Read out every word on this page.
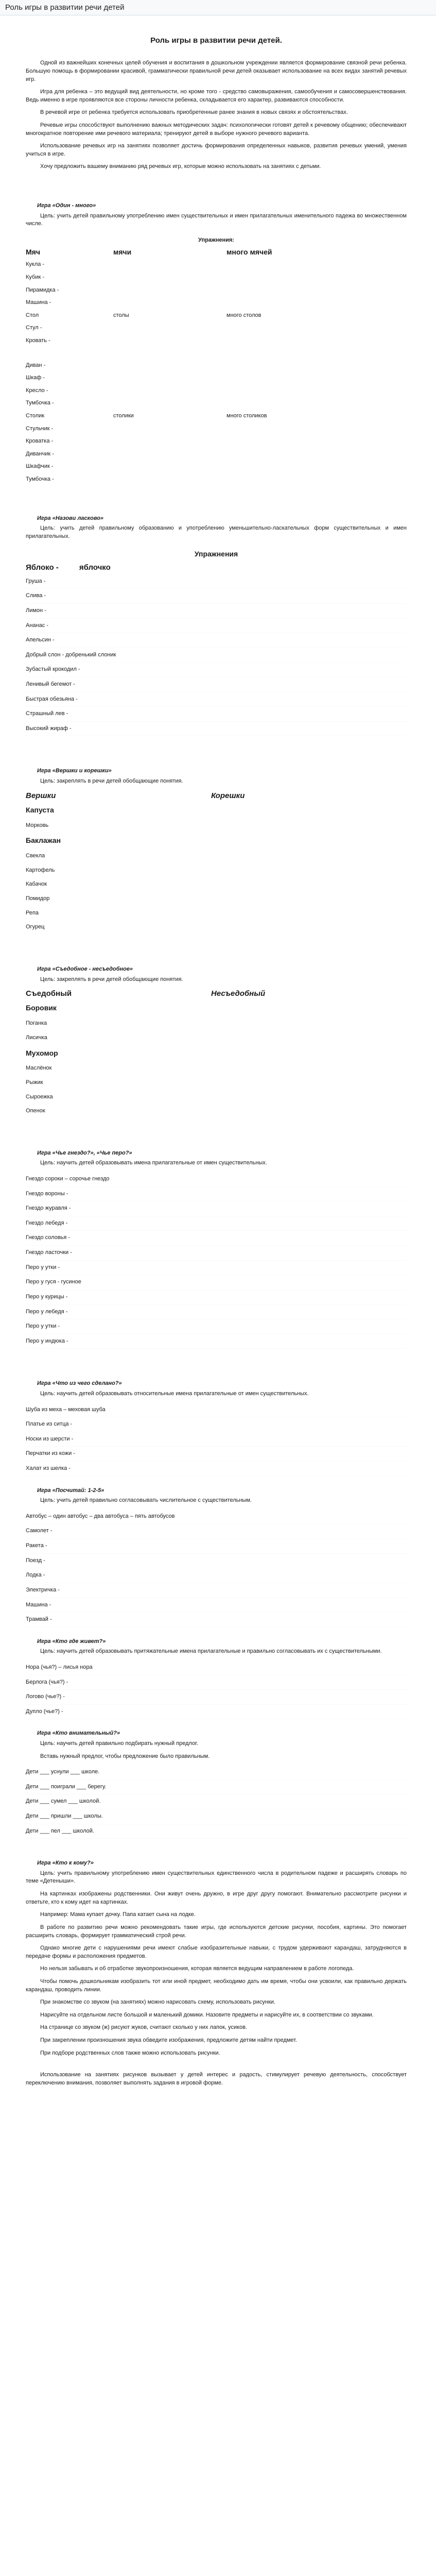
Роль игры в развитии речи детей
Роль игры в развитии речи детей.

Одной из важнейших конечных целей обучения и воспитания в дошкольном учреждении является формирование связной речи ребенка. Большую помощь в формировании красивой, грамматически правильной речи детей оказывает использование на всех видах занятий речевых игр.

Игра для ребенка – это ведущий вид деятельности, но кроме того - средство самовыражения, самообучения и самосовершенствования. Ведь именно в игре проявляются все стороны личности ребенка, складывается его характер, развиваются способности.

В речевой игре от ребенка требуется использовать приобретенные ранее знания в новых связях и обстоятельствах.

Речевые игры способствуют выполнению важных методических задач: психологически готовят детей к речевому общению; обеспечивают многократное повторение ими речевого материала; тренируют детей в выборе нужного речевого варианта.

Использование речевых игр на занятиях позволяет достичь формирования определенных навыков, развития речевых умений, умения учиться в игре.

Хочу предложить вашему вниманию ряд речевых игр, которые можно использовать на занятиях с детьми.

Игра «Один - много»

Цель: учить детей правильному употреблению имен существительных и имен прилагательных именительного падежа во множественном числе.

Упражнения:
Мяч	мячи	много мячей
Кукла -
Кубик -
Пирамидка -
Машина -
Стол	столы	много столов
Стул -
Кровать -
Диван -
Шкаф -
Кресло -
Тумбочка -
Столик	столики	много столиков
Стульчик -
Кроватка -
Диванчик -
Шкафчик -
Тумбочка -
Игра «Назови ласково»

Цель: учить детей правильному образованию и употреблению уменьшительно-ласкательных форм существительных и имен прилагательных.

Упражнения
Яблоко -	яблочко
Груша -
Слива -
Лимон -
Ананас -
Апельсин -
Добрый слон - добренький слоник
Зубастый крокодил -
Ленивый бегемот -
Быстрая обезьяна -
Страшный лев -
Высокий жираф -
Игра «Вершки и корешки»

Цель: закреплять в речи детей обобщающие понятия.

Вершки	Корешки
Капуста
Морковь
Баклажан
Свекла
Картофель
Кабачок
Помидор
Репа
Огурец
Игра «Съедобное - несъедобное»

Цель: закреплять в речи детей обобщающие понятия.

Съедобный	Несъедобный
Боровик
Поганка
Лисичка
Мухомор
Маслёнок
Рыжик
Сыроежка
Опенок
Игра «Чье гнездо?», «Чье перо?»

Цель: научить детей образовывать имена прилагательные от имен существительных.

Гнездо сороки – сорочье гнездо
Гнездо вороны -
Гнездо журавля -
Гнездо лебедя -
Гнездо соловья -
Гнездо ласточки -
Перо у утки -
Перо у гуся - гусиное
Перо у курицы -
Перо у лебедя -
Перо у утки -
Перо у индюка -
Игра «Что из чего сделано?»

Цель: научить детей образовывать относительные имена прилагательные от имен существительных.

Шуба из меха – меховая шуба
Платье из ситца -
Носки из шерсти -
Перчатки из кожи -
Халат из шелка -
Игра «Посчитай: 1-2-5»

Цель: учить детей правильно согласовывать числительное с существительным.

Автобус – один автобус – два автобуса – пять автобусов
Самолет -
Ракета -
Поезд -
Лодка -
Электричка -
Машина -
Трамвай -
Игра «Кто где живет?»

Цель: научить детей образовывать притяжательные имена прилагательные и правильно согласовывать их с существительными.

Нора (чья?) – лисья нора
Берлога (чья?) -
Логово (чье?) -
Дупло (чье?) -
Игра «Кто внимательный?»

Цель: научить детей правильно подбирать нужный предлог.

Вставь нужный предлог, чтобы предложение было правильным.

Дети ___ уснули ___ школе.
Дети ___ поиграли ___ берегу.
Дети ___ сумел ___ школой.
Дети ___ пришли ___ школы.
Дети ___ пел ___ школой.
Игра «Кто к кому?»

Цель: учить правильному употреблению имен существительных единственного числа в родительном падеже и расширять словарь по теме «Детеныши».

На картинках изображены родственники. Они живут очень дружно, в игре друг другу помогают. Внимательно рассмотрите рисунки и ответьте, кто к кому идет на картинках.

Например: Мама купает дочку. Папа катает сына на лодке.

В работе по развитию речи можно рекомендовать такие игры, где используются детские рисунки, пособия, картины. Это помогает расширить словарь, формирует грамматический строй речи.

Однако многие дети с нарушениями речи имеют слабые изобразительные навыки, с трудом удерживают карандаш, затрудняются в передаче формы и расположения предметов.

Но нельзя забывать и об отработке звукопроизношения, которая является ведущим направлением в работе логопеда.

Чтобы помочь дошкольникам изобразить тот или иной предмет, необходимо дать им время, чтобы они усвоили, как правильно держать карандаш, проводить линии.

При знакомстве со звуком (на занятиях) можно нарисовать схему, использовать рисунки.

Нарисуйте на отдельном листе большой и маленький домики. Назовите предметы и нарисуйте их, в соответствии со звуками.

На странице со звуком (ж) рисуют жуков, считают сколько у них лапок, усиков.

При закреплении произношения звука обведите изображения, предложите детям найти предмет.

При подборе родственных слов также можно использовать рисунки.

Использование на занятиях рисунков вызывает у детей интерес и радость, стимулирует речевую деятельность, способствует переключению внимания, позволяет выполнять задания в игровой форме.
